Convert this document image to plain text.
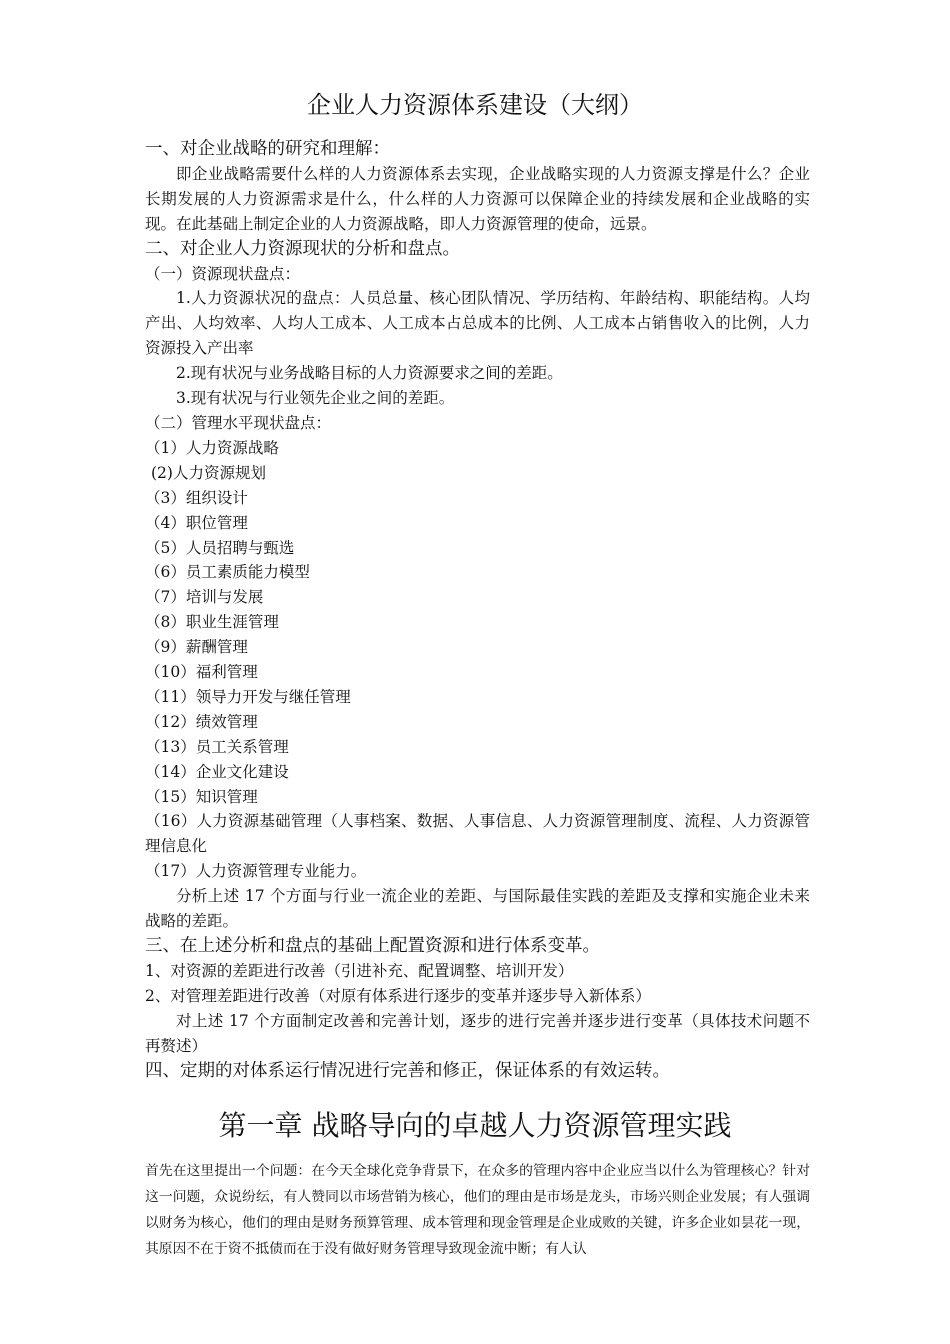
企业人力资源体系建设（大纲）

一、对企业战略的研究和理解：

即企业战略需要什么样的人力资源体系去实现，企业战略实现的人力资源支撑是什么？企业长期发展的人力资源需求是什么，什么样的人力资源可以保障企业的持续发展和企业战略的实现。在此基础上制定企业的人力资源战略，即人力资源管理的使命，远景。

二、对企业人力资源现状的分析和盘点。

（一）资源现状盘点：

1.人力资源状况的盘点：人员总量、核心团队情况、学历结构、年龄结构、职能结构。人均产出、人均效率、人均人工成本、人工成本占总成本的比例、人工成本占销售收入的比例，人力资源投入产出率

2.现有状况与业务战略目标的人力资源要求之间的差距。

3.现有状况与行业领先企业之间的差距。

（二）管理水平现状盘点：

（1）人力资源战略

(2)人力资源规划

（3）组织设计

（4）职位管理

（5）人员招聘与甄选

（6）员工素质能力模型

（7）培训与发展

（8）职业生涯管理

（9）薪酬管理

（10）福利管理

（11）领导力开发与继任管理

（12）绩效管理

（13）员工关系管理

（14）企业文化建设

（15）知识管理

（16）人力资源基础管理（人事档案、数据、人事信息、人力资源管理制度、流程、人力资源管理信息化

（17）人力资源管理专业能力。

分析上述 17 个方面与行业一流企业的差距、与国际最佳实践的差距及支撑和实施企业未来战略的差距。

三、在上述分析和盘点的基础上配置资源和进行体系变革。

1、对资源的差距进行改善（引进补充、配置调整、培训开发）

2、对管理差距进行改善（对原有体系进行逐步的变革并逐步导入新体系）

对上述 17 个方面制定改善和完善计划，逐步的进行完善并逐步进行变革（具体技术问题不再赘述）

四、定期的对体系运行情况进行完善和修正，保证体系的有效运转。

第一章 战略导向的卓越人力资源管理实践

首先在这里提出一个问题：在今天全球化竞争背景下，在众多的管理内容中企业应当以什么为管理核心？针对这一问题，众说纷纭，有人赞同以市场营销为核心，他们的理由是市场是龙头，市场兴则企业发展；有人强调以财务为核心，他们的理由是财务预算管理、成本管理和现金管理是企业成败的关键，许多企业如昙花一现，其原因不在于资不抵债而在于没有做好财务管理导致现金流中断；有人认
